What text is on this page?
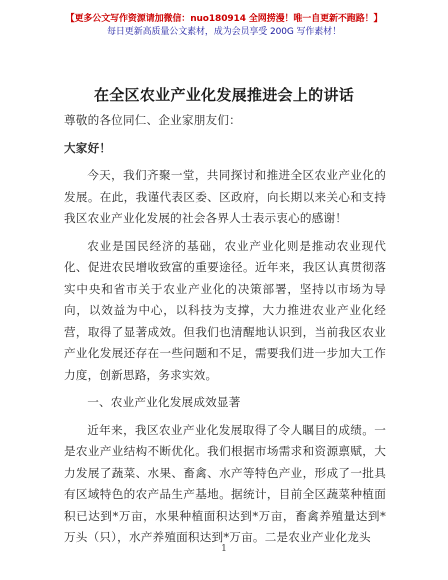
【更多公文写作资源请加微信：nuo180914 全网捞漫！唯一自更新不跑路！】
每日更新高质量公文素材，成为会员享受 200G 写作素材！
在全区农业产业化发展推进会上的讲话

尊敬的各位同仁、企业家朋友们：

大家好！

今天，我们齐聚一堂，共同探讨和推进全区农业产业化的发展。在此，我谨代表区委、区政府，向长期以来关心和支持我区农业产业化发展的社会各界人士表示衷心的感谢！

农业是国民经济的基础，农业产业化则是推动农业现代化、促进农民增收致富的重要途径。近年来，我区认真贯彻落实中央和省市关于农业产业化的决策部署，坚持以市场为导向，以效益为中心，以科技为支撑，大力推进农业产业化经营，取得了显著成效。但我们也清醒地认识到，当前我区农业产业化发展还存在一些问题和不足，需要我们进一步加大工作力度，创新思路，务求实效。

一、农业产业化发展成效显著

近年来，我区农业产业化发展取得了令人瞩目的成绩。一是农业产业结构不断优化。我们根据市场需求和资源禀赋，大力发展了蔬菜、水果、畜禽、水产等特色产业，形成了一批具有区域特色的农产品生产基地。据统计，目前全区蔬菜种植面积已达到*万亩，水果种植面积达到*万亩，畜禽养殖量达到*万头（只），水产养殖面积达到*万亩。二是农业产业化龙头

1
